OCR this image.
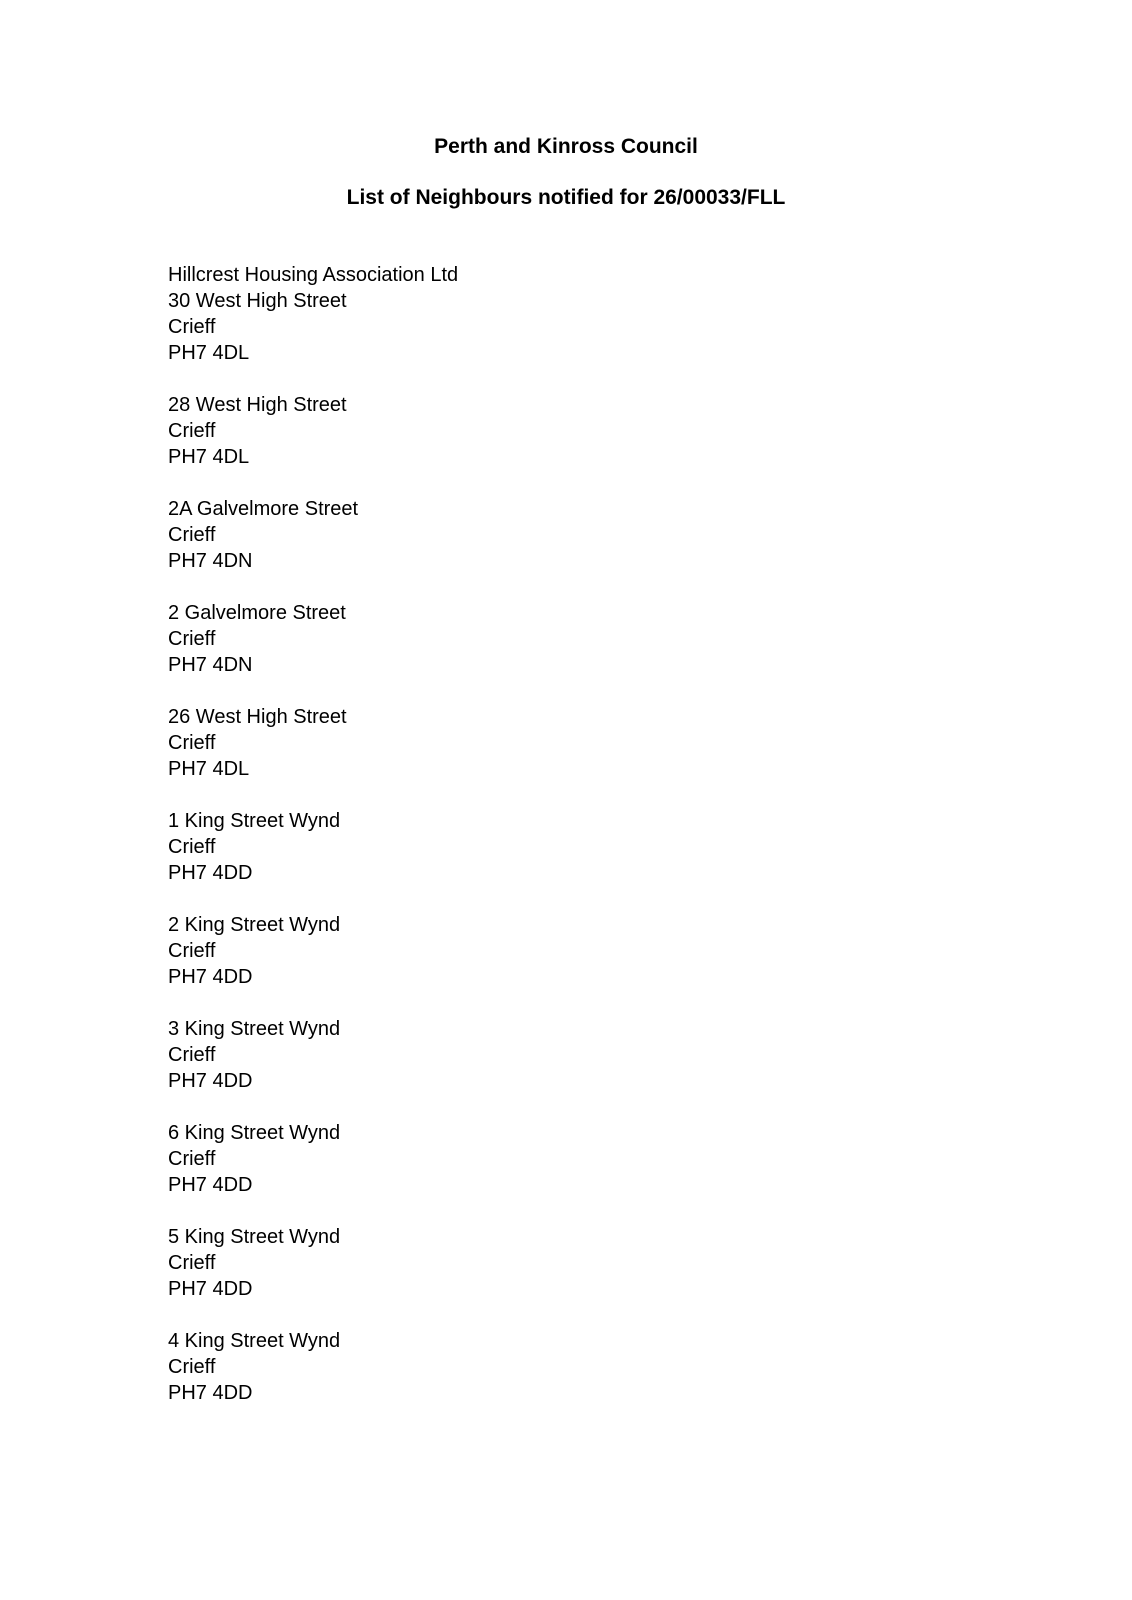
Perth and Kinross Council
List of Neighbours notified for 26/00033/FLL
Hillcrest Housing Association Ltd
30 West High Street
Crieff
PH7 4DL
28 West High Street
Crieff
PH7 4DL
2A Galvelmore Street
Crieff
PH7 4DN
2 Galvelmore Street
Crieff
PH7 4DN
26 West High Street
Crieff
PH7 4DL
1 King Street Wynd
Crieff
PH7 4DD
2 King Street Wynd
Crieff
PH7 4DD
3 King Street Wynd
Crieff
PH7 4DD
6 King Street Wynd
Crieff
PH7 4DD
5 King Street Wynd
Crieff
PH7 4DD
4 King Street Wynd
Crieff
PH7 4DD
